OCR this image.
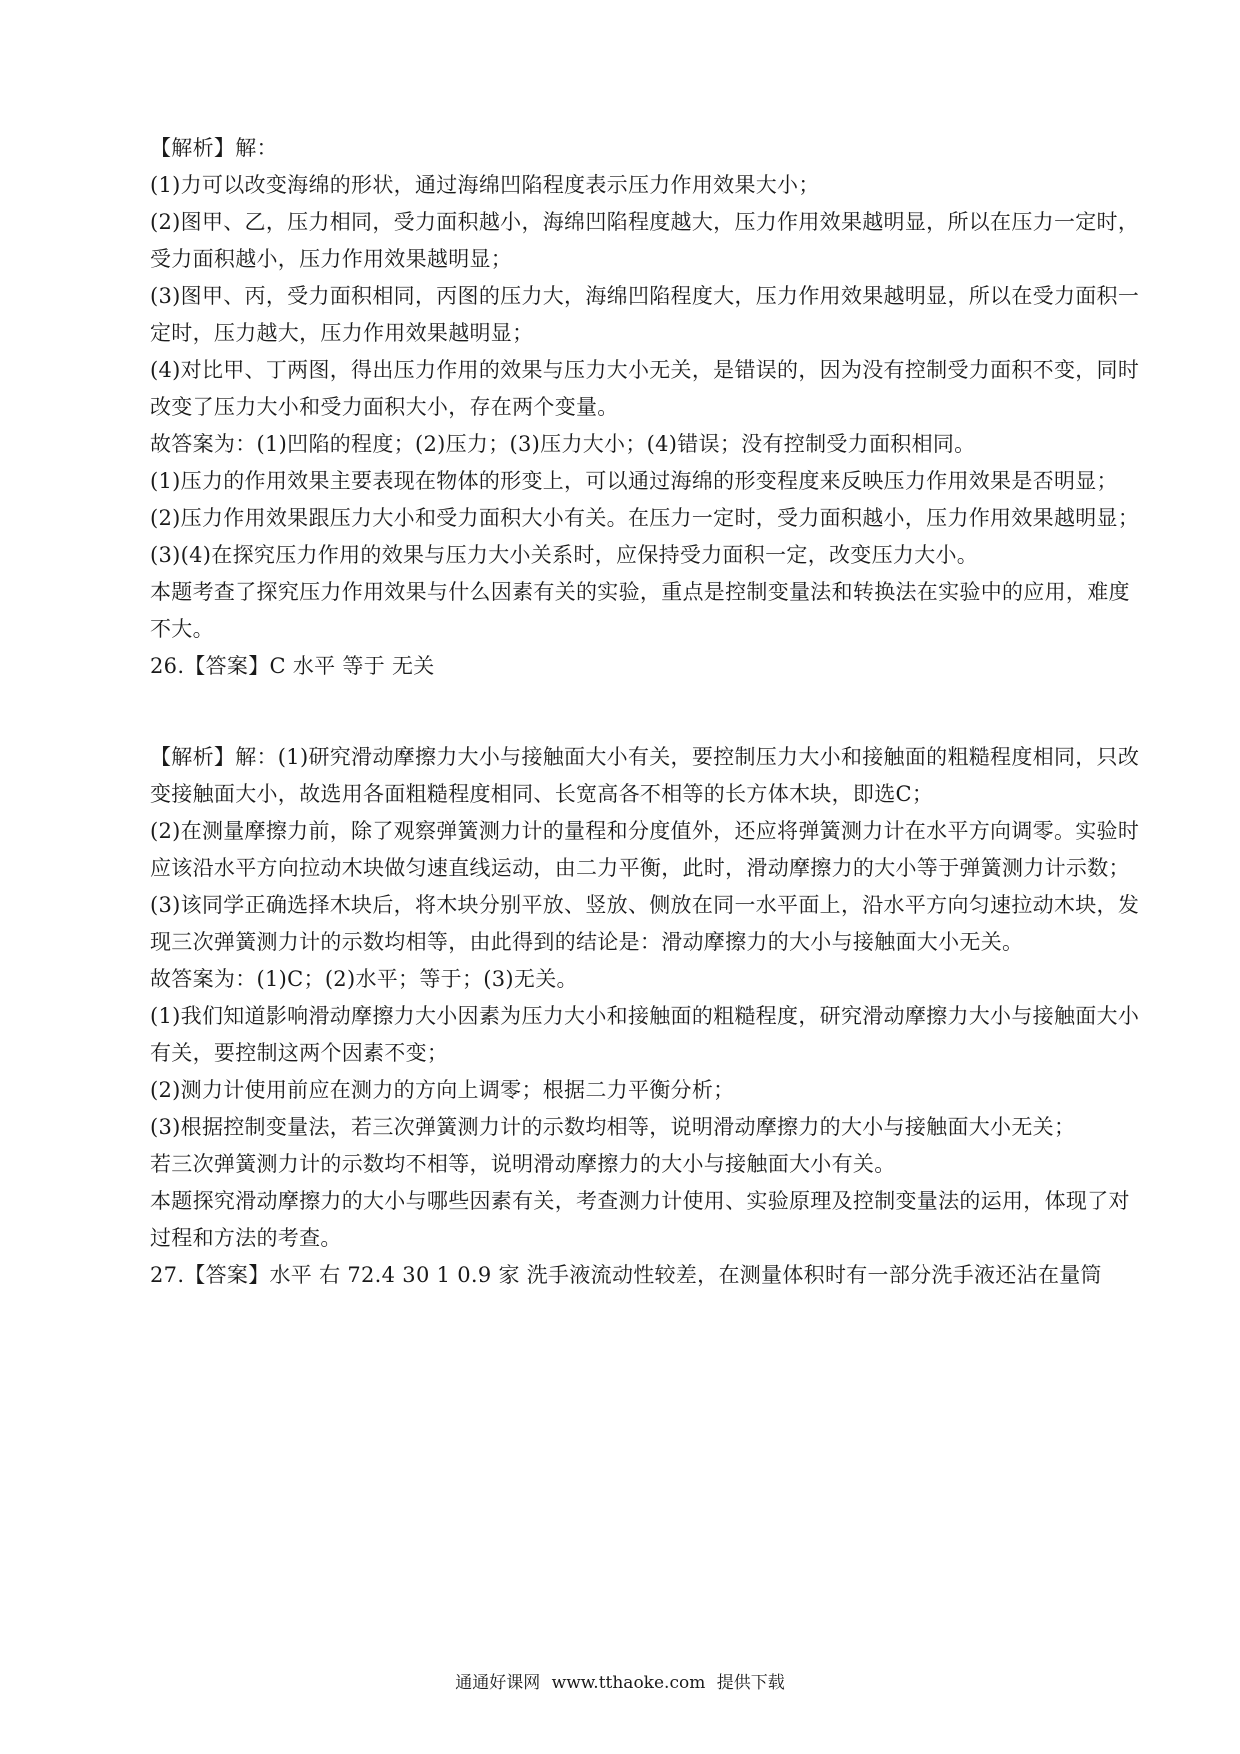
【解析】解：

(1)力可以改变海绵的形状，通过海绵凹陷程度表示压力作用效果大小；

(2)图甲、乙，压力相同，受力面积越小，海绵凹陷程度越大，压力作用效果越明显，所以在压力一定时，

受力面积越小，压力作用效果越明显；

(3)图甲、丙，受力面积相同，丙图的压力大，海绵凹陷程度大，压力作用效果越明显，所以在受力面积一

定时，压力越大，压力作用效果越明显；

(4)对比甲、丁两图，得出压力作用的效果与压力大小无关，是错误的，因为没有控制受力面积不变，同时

改变了压力大小和受力面积大小，存在两个变量。

故答案为：(1)凹陷的程度；(2)压力；(3)压力大小；(4)错误；没有控制受力面积相同。

(1)压力的作用效果主要表现在物体的形变上，可以通过海绵的形变程度来反映压力作用效果是否明显；

(2)压力作用效果跟压力大小和受力面积大小有关。在压力一定时，受力面积越小，压力作用效果越明显；

(3)(4)在探究压力作用的效果与压力大小关系时，应保持受力面积一定，改变压力大小。

本题考查了探究压力作用效果与什么因素有关的实验，重点是控制变量法和转换法在实验中的应用，难度

不大。

26.【答案】C 水平 等于 无关

【解析】解：(1)研究滑动摩擦力大小与接触面大小有关，要控制压力大小和接触面的粗糙程度相同，只改

变接触面大小，故选用各面粗糙程度相同、长宽高各不相等的长方体木块，即选C；

(2)在测量摩擦力前，除了观察弹簧测力计的量程和分度值外，还应将弹簧测力计在水平方向调零。实验时

应该沿水平方向拉动木块做匀速直线运动，由二力平衡，此时，滑动摩擦力的大小等于弹簧测力计示数；

(3)该同学正确选择木块后，将木块分别平放、竖放、侧放在同一水平面上，沿水平方向匀速拉动木块，发

现三次弹簧测力计的示数均相等，由此得到的结论是：滑动摩擦力的大小与接触面大小无关。

故答案为：(1)C；(2)水平；等于；(3)无关。

(1)我们知道影响滑动摩擦力大小因素为压力大小和接触面的粗糙程度，研究滑动摩擦力大小与接触面大小

有关，要控制这两个因素不变；

(2)测力计使用前应在测力的方向上调零；根据二力平衡分析；

(3)根据控制变量法，若三次弹簧测力计的示数均相等，说明滑动摩擦力的大小与接触面大小无关；

若三次弹簧测力计的示数均不相等，说明滑动摩擦力的大小与接触面大小有关。

本题探究滑动摩擦力的大小与哪些因素有关，考查测力计使用、实验原理及控制变量法的运用，体现了对

过程和方法的考查。

27.【答案】水平 右 72.4 30 1 0.9 家 洗手液流动性较差，在测量体积时有一部分洗手液还沾在量筒

通通好课网 www.tthaoke.com 提供下载
